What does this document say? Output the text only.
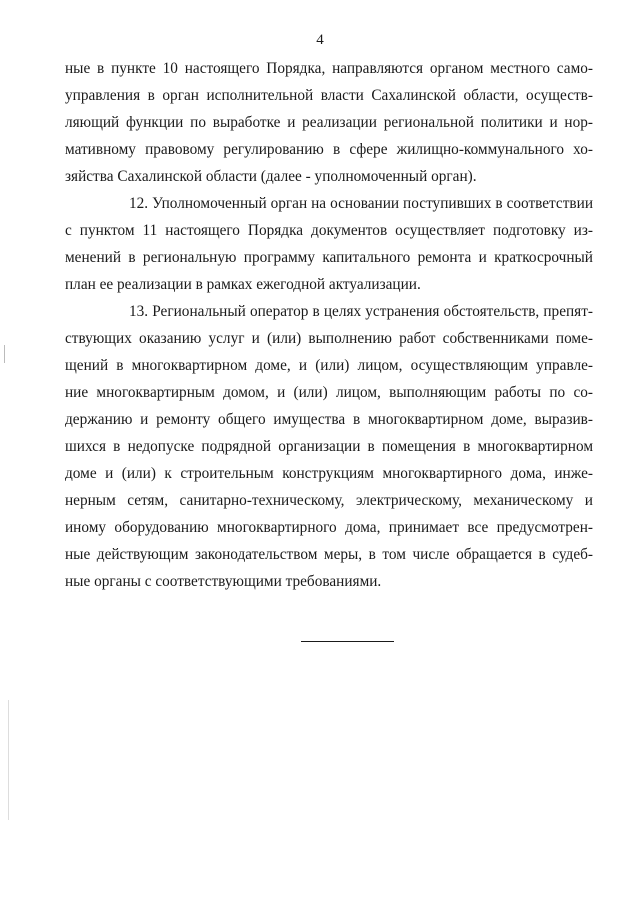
4
ные в пункте 10 настоящего Порядка, направляются органом местного само-
управления в орган исполнительной власти Сахалинской области, осуществ-
ляющий функции по выработке и реализации региональной политики и нор-
мативному правовому регулированию в сфере жилищно-коммунального хо-
зяйства Сахалинской области (далее - уполномоченный орган).
12. Уполномоченный орган на основании поступивших в соответствии
с пунктом 11 настоящего Порядка документов осуществляет подготовку из-
менений в региональную программу капитального ремонта и краткосрочный
план ее реализации в рамках ежегодной актуализации.
13. Региональный оператор в целях устранения обстоятельств, препят-
ствующих оказанию услуг и (или) выполнению работ собственниками поме-
щений в многоквартирном доме, и (или) лицом, осуществляющим управле-
ние многоквартирным домом, и (или) лицом, выполняющим работы по со-
держанию и ремонту общего имущества в многоквартирном доме, выразив-
шихся в недопуске подрядной организации в помещения в многоквартирном
доме и (или) к строительным конструкциям многоквартирного дома, инже-
нерным сетям, санитарно-техническому, электрическому, механическому и
иному оборудованию многоквартирного дома, принимает все предусмотрен-
ные действующим законодательством меры, в том числе обращается в судеб-
ные органы с соответствующими требованиями.
